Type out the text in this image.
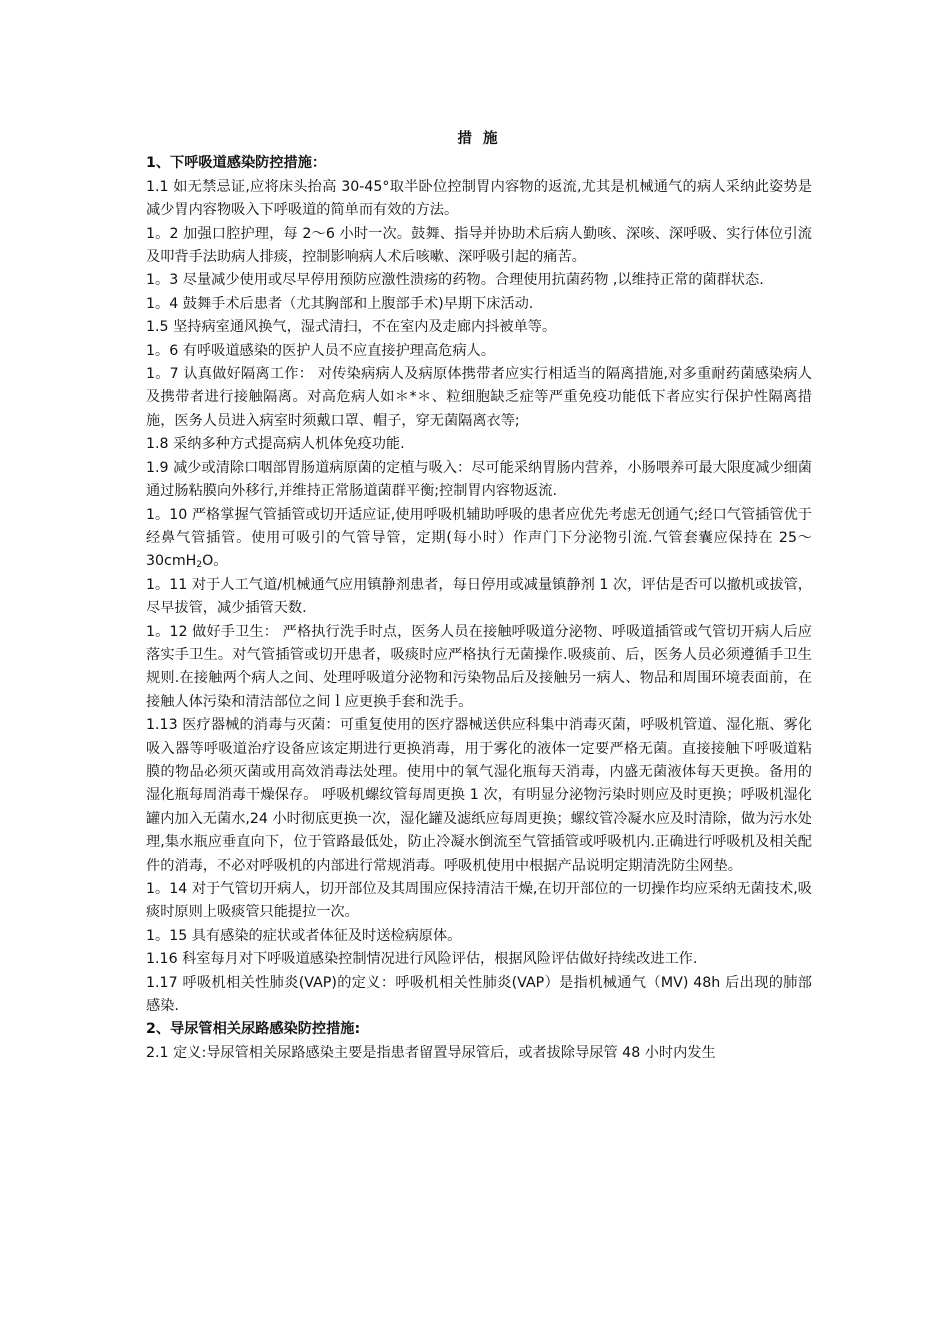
措 施

1、下呼吸道感染防控措施：

1.1 如无禁忌证,应将床头抬高 30-45°取半卧位控制胃内容物的返流,尤其是机械通气的病人采纳此姿势是减少胃内容物吸入下呼吸道的简单而有效的方法。

1。2 加强口腔护理，每 2～6 小时一次。鼓舞、指导并协助术后病人勤咳、深咳、深呼吸、实行体位引流及叩背手法助病人排痰，控制影响病人术后咳嗽、深呼吸引起的痛苦。

1。3 尽量减少使用或尽早停用预防应激性溃疡的药物。合理使用抗菌药物 ,以维持正常的菌群状态.

1。4 鼓舞手术后患者（尤其胸部和上腹部手术)早期下床活动.

1.5 坚持病室通风换气，湿式清扫，不在室内及走廊内抖被单等。

1。6 有呼吸道感染的医护人员不应直接护理高危病人。

1。7 认真做好隔离工作： 对传染病病人及病原体携带者应实行相适当的隔离措施,对多重耐药菌感染病人及携带者进行接触隔离。对高危病人如＊*＊、粒细胞缺乏症等严重免疫功能低下者应实行保护性隔离措施，医务人员进入病室时须戴口罩、帽子，穿无菌隔离衣等;

1.8 采纳多种方式提高病人机体免疫功能.

1.9 减少或清除口咽部胃肠道病原菌的定植与吸入：尽可能采纳胃肠内营养，小肠喂养可最大限度减少细菌通过肠粘膜向外移行,并维持正常肠道菌群平衡;控制胃内容物返流.

1。10 严格掌握气管插管或切开适应证,使用呼吸机辅助呼吸的患者应优先考虑无创通气;经口气管插管优于经鼻气管插管。使用可吸引的气管导管，定期(每小时）作声门下分泌物引流.气管套囊应保持在 25～30cmH$_2$O。

1。11 对于人工气道/机械通气应用镇静剂患者，每日停用或减量镇静剂 1 次，评估是否可以撤机或拔管，尽早拔管，减少插管天数.

1。12 做好手卫生： 严格执行洗手时点，医务人员在接触呼吸道分泌物、呼吸道插管或气管切开病人后应落实手卫生。对气管插管或切开患者，吸痰时应严格执行无菌操作.吸痰前、后，医务人员必须遵循手卫生规则.在接触两个病人之间、处理呼吸道分泌物和污染物品后及接触另一病人、物品和周围环境表面前，在接触人体污染和清洁部位之间ｌ应更换手套和洗手。

1.13 医疗器械的消毒与灭菌：可重复使用的医疗器械送供应科集中消毒灭菌，呼吸机管道、湿化瓶、雾化吸入器等呼吸道治疗设备应该定期进行更换消毒，用于雾化的液体一定要严格无菌。直接接触下呼吸道粘膜的物品必须灭菌或用高效消毒法处理。使用中的氧气湿化瓶每天消毒，内盛无菌液体每天更换。备用的湿化瓶每周消毒干燥保存。 呼吸机螺纹管每周更换 1 次，有明显分泌物污染时则应及时更换；呼吸机湿化罐内加入无菌水,24 小时彻底更换一次，湿化罐及滤纸应每周更换；螺纹管冷凝水应及时清除，做为污水处理,集水瓶应垂直向下，位于管路最低处，防止冷凝水倒流至气管插管或呼吸机内.正确进行呼吸机及相关配件的消毒，不必对呼吸机的内部进行常规消毒。呼吸机使用中根据产品说明定期清洗防尘网垫。

1。14 对于气管切开病人，切开部位及其周围应保持清洁干燥,在切开部位的一切操作均应采纳无菌技术,吸痰时原则上吸痰管只能提拉一次。

1。15 具有感染的症状或者体征及时送检病原体。

1.16 科室每月对下呼吸道感染控制情况进行风险评估，根据风险评估做好持续改进工作.

1.17 呼吸机相关性肺炎(VAP)的定义：呼吸机相关性肺炎(VAP）是指机械通气（MV) 48h 后出现的肺部感染.

2、导尿管相关尿路感染防控措施:

2.1 定义:导尿管相关尿路感染主要是指患者留置导尿管后，或者拔除导尿管 48 小时内发生
